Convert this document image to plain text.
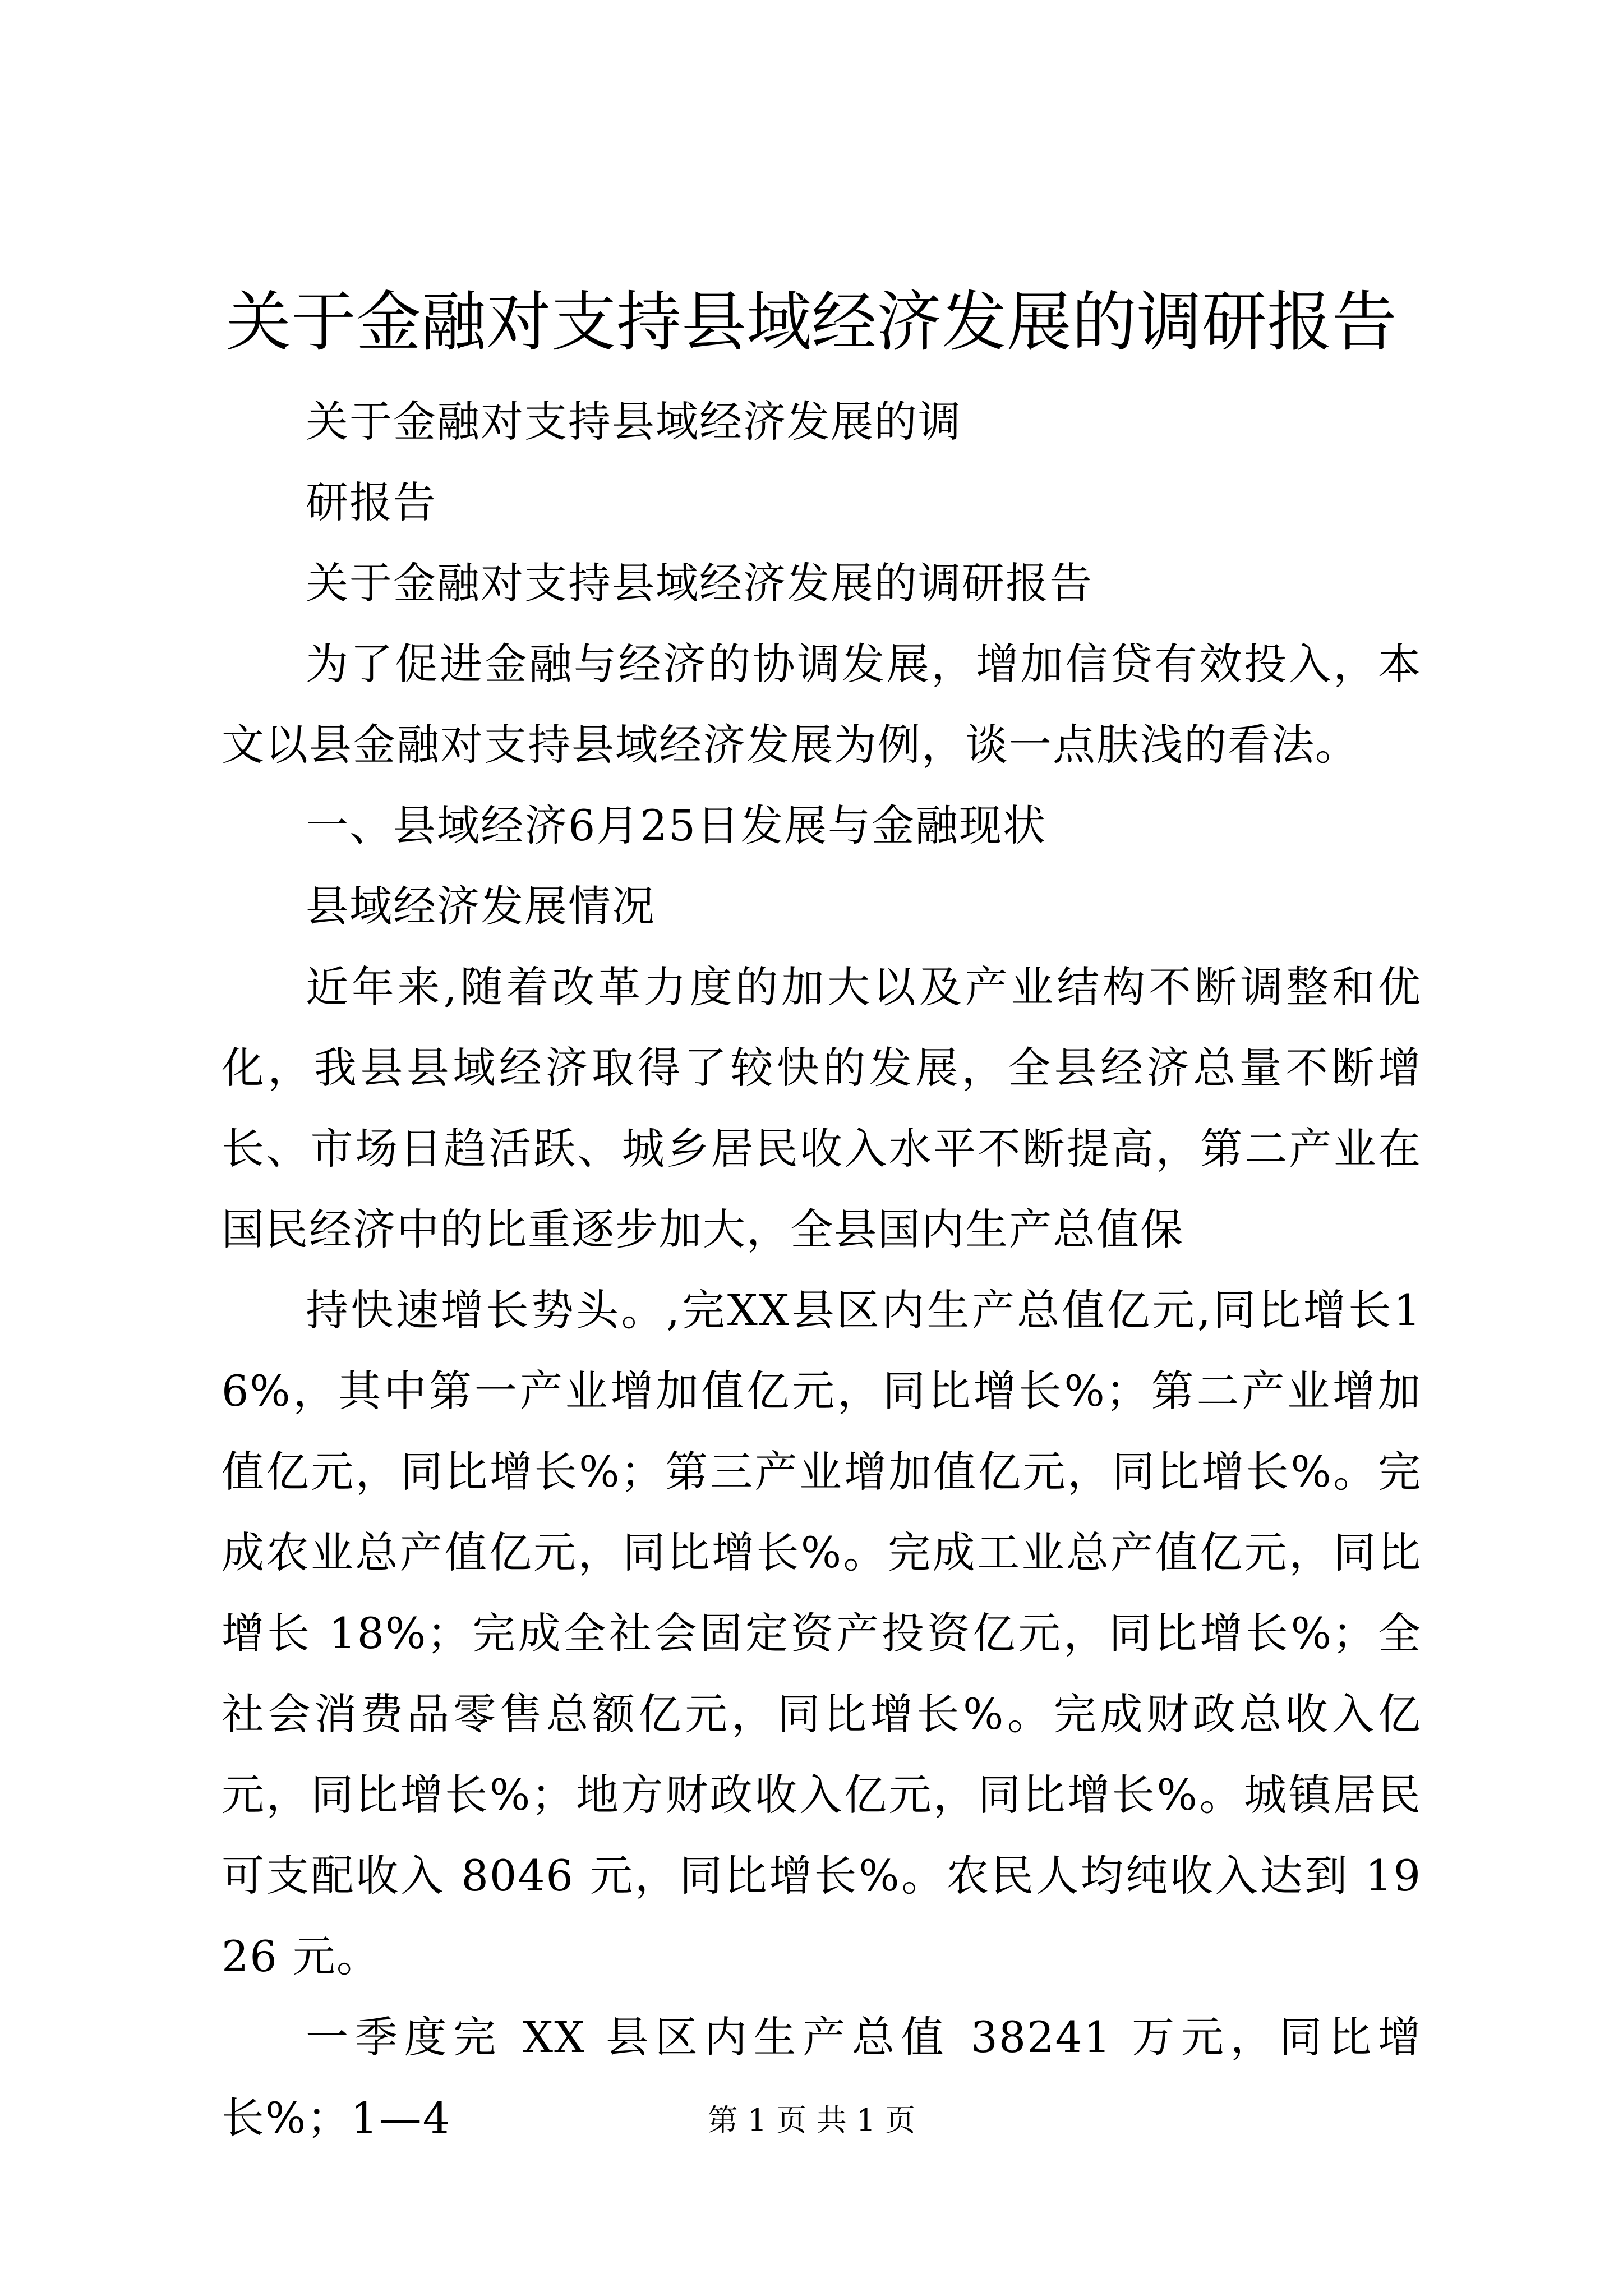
关于金融对支持县域经济发展的调研报告

关于金融对支持县域经济发展的调

研报告

关于金融对支持县域经济发展的调研报告

为了促进金融与经济的协调发展，增加信贷有效投入，本文以县金融对支持县域经济发展为例，谈一点肤浅的看法。

一、县域经济6月25日发展与金融现状

县域经济发展情况

近年来,随着改革力度的加大以及产业结构不断调整和优化，我县县域经济取得了较快的发展，全县经济总量不断增长、市场日趋活跃、城乡居民收入水平不断提高，第二产业在国民经济中的比重逐步加大，全县国内生产总值保

持快速增长势头。,完XX县区内生产总值亿元,同比增长16%，其中第一产业增加值亿元，同比增长%；第二产业增加值亿元，同比增长%；第三产业增加值亿元，同比增长%。完成农业总产值亿元，同比增长%。完成工业总产值亿元，同比增长 18%；完成全社会固定资产投资亿元，同比增长%；全社会消费品零售总额亿元，同比增长%。完成财政总收入亿元，同比增长%；地方财政收入亿元，同比增长%。城镇居民可支配收入 8046 元，同比增长%。农民人均纯收入达到 1926 元。

一季度完 XX 县区内生产总值 38241 万元，同比增长%；1—4	第 1 页 共 1 页
